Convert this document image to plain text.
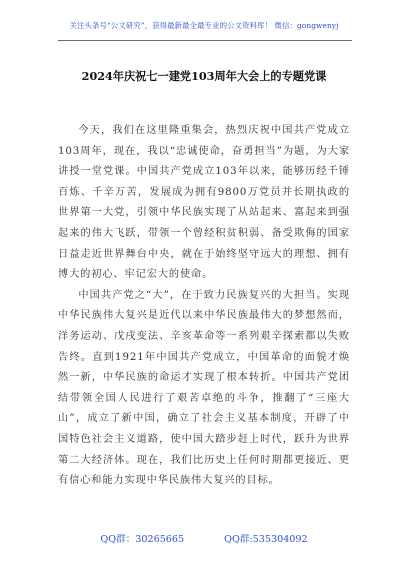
关注头条号“公文研究”，获得最新最全最专业的公文资料库！ 微信：gongwenyj
2024年庆祝七一建党103周年大会上的专题党课

今天，我们在这里隆重集会，热烈庆祝中国共产党成立103周年，现在，我以“忠诚使命，奋勇担当”为题，为大家讲授一堂党课。中国共产党成立103年以来，能够历经千锤百炼、千辛万苦，发展成为拥有9800万党员并长期执政的世界第一大党，引领中华民族实现了从站起来、富起来到强起来的伟大飞跃，带领一个曾经积贫积弱、备受欺侮的国家日益走近世界舞台中央，就在于始终坚守远大的理想、拥有博大的初心、牢记宏大的使命。

中国共产党之“大”，在于致力民族复兴的大担当。实现中华民族伟大复兴是近代以来中华民族最伟大的梦想然而，洋务运动、戊戌变法、辛亥革命等一系列艰辛探索都以失败告终。直到1921年中国共产党成立，中国革命的面貌才焕然一新，中华民族的命运才实现了根本转折。中国共产党团结带领全国人民进行了艰苦卓绝的斗争，推翻了“三座大山”，成立了新中国，确立了社会主义基本制度，开辟了中国特色社会主义道路，使中国大踏步赶上时代，跃升为世界第二大经济体。现在，我们比历史上任何时期都更接近、更有信心和能力实现中华民族伟大复兴的目标。

QQ群：30265665	QQ群:535304092
